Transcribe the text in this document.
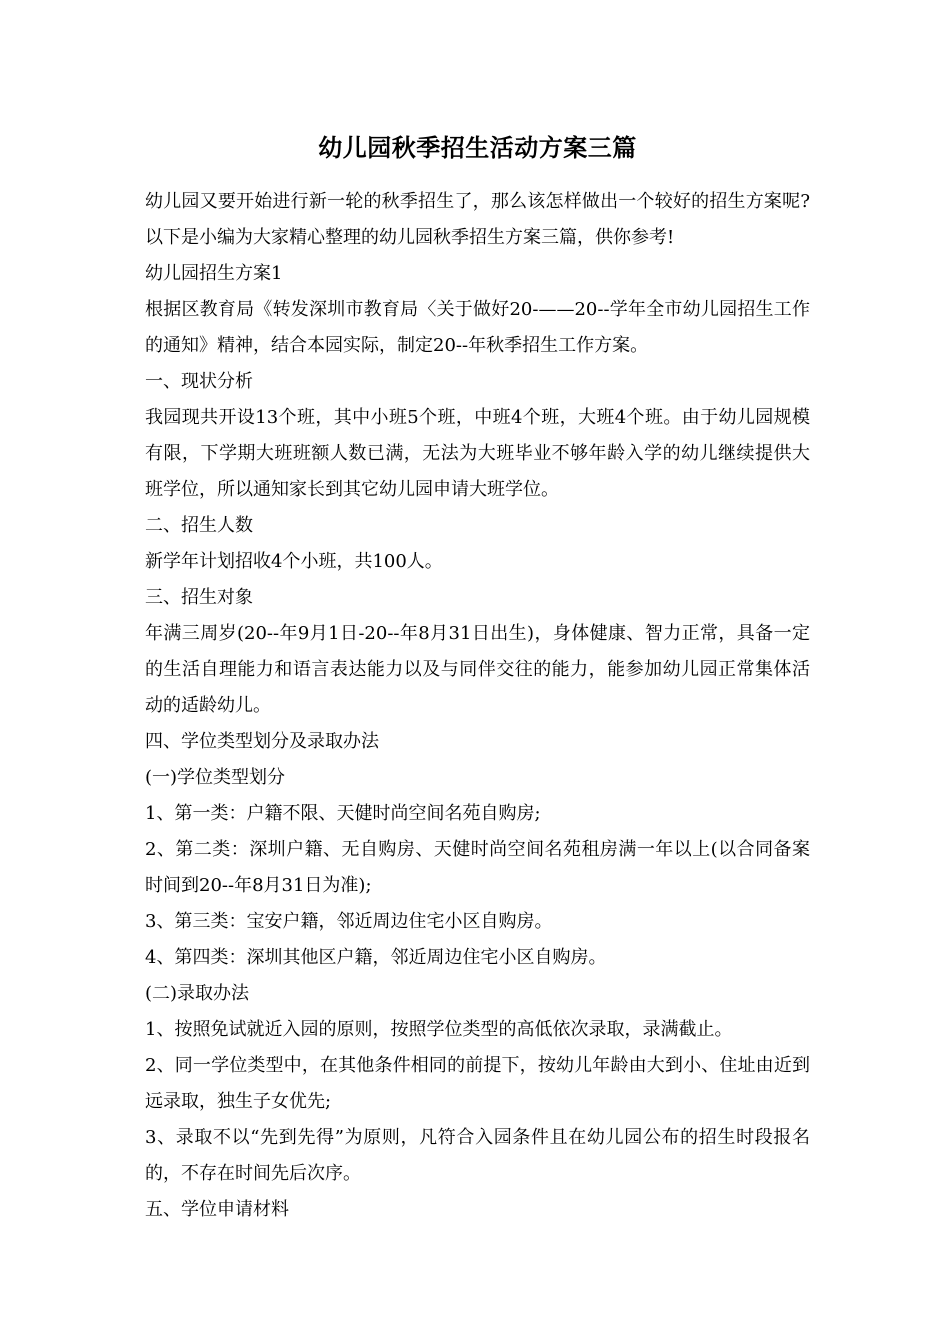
幼儿园秋季招生活动方案三篇

幼儿园又要开始进行新一轮的秋季招生了，那么该怎样做出一个较好的招生方案呢?以下是小编为大家精心整理的幼儿园秋季招生方案三篇，供你参考!

幼儿园招生方案1

根据区教育局《转发深圳市教育局〈关于做好20-——20--学年全市幼儿园招生工作的通知》精神，结合本园实际，制定20--年秋季招生工作方案。

一、现状分析

我园现共开设13个班，其中小班5个班，中班4个班，大班4个班。由于幼儿园规模有限，下学期大班班额人数已满，无法为大班毕业不够年龄入学的幼儿继续提供大班学位，所以通知家长到其它幼儿园申请大班学位。

二、招生人数

新学年计划招收4个小班，共100人。

三、招生对象

年满三周岁(20--年9月1日-20--年8月31日出生)，身体健康、智力正常，具备一定的生活自理能力和语言表达能力以及与同伴交往的能力，能参加幼儿园正常集体活动的适龄幼儿。

四、学位类型划分及录取办法

(一)学位类型划分

1、第一类：户籍不限、天健时尚空间名苑自购房;

2、第二类：深圳户籍、无自购房、天健时尚空间名苑租房满一年以上(以合同备案时间到20--年8月31日为准);

3、第三类：宝安户籍，邻近周边住宅小区自购房。

4、第四类：深圳其他区户籍，邻近周边住宅小区自购房。

(二)录取办法

1、按照免试就近入园的原则，按照学位类型的高低依次录取，录满截止。

2、同一学位类型中，在其他条件相同的前提下，按幼儿年龄由大到小、住址由近到远录取，独生子女优先;

3、录取不以“先到先得”为原则，凡符合入园条件且在幼儿园公布的招生时段报名的，不存在时间先后次序。

五、学位申请材料
